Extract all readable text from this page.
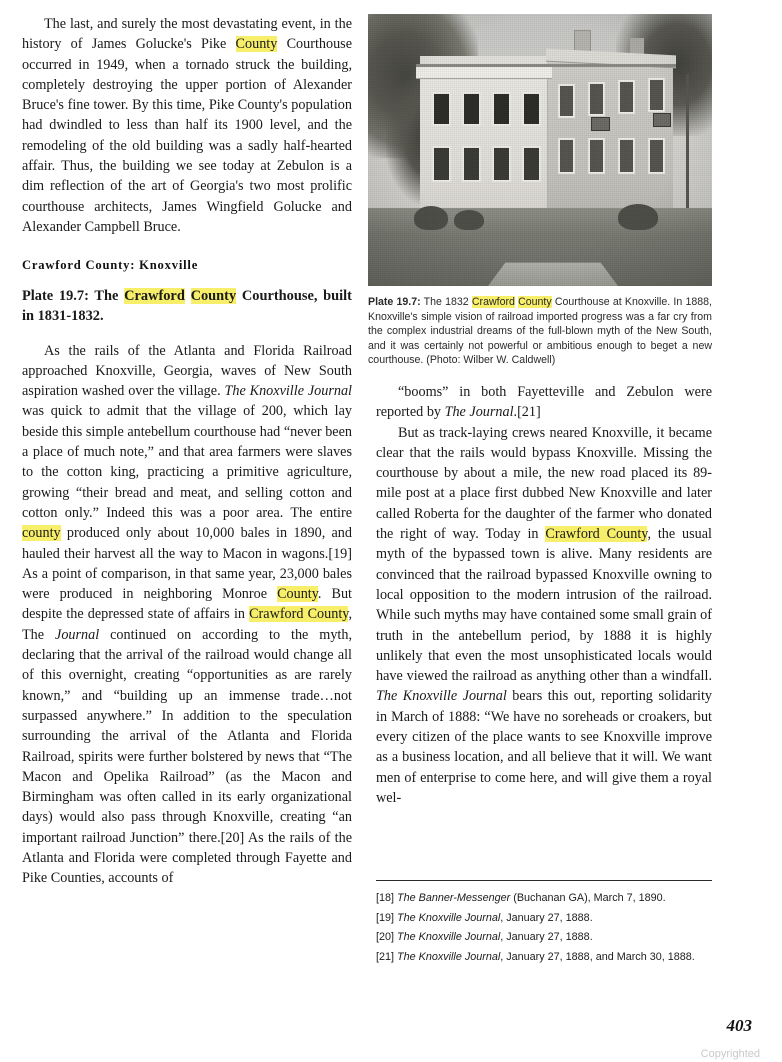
The last, and surely the most devastating event, in the history of James Golucke's Pike County Courthouse occurred in 1949, when a tornado struck the building, completely destroying the upper portion of Alexander Bruce's fine tower. By this time, Pike County's population had dwindled to less than half its 1900 level, and the remodeling of the old building was a sadly half-hearted affair. Thus, the building we see today at Zebulon is a dim reflection of the art of Georgia's two most prolific courthouse architects, James Wingfield Golucke and Alexander Campbell Bruce.

Crawford County: Knoxville

Plate 19.7: The Crawford County Courthouse, built in 1831-1832.

As the rails of the Atlanta and Florida Railroad approached Knoxville, Georgia, waves of New South aspiration washed over the village. The Knoxville Journal was quick to admit that the village of 200, which lay beside this simple antebellum courthouse had “never been a place of much note,” and that area farmers were slaves to the cotton king, practicing a primitive agriculture, growing “their bread and meat, and selling cotton and cotton only.” Indeed this was a poor area. The entire county produced only about 10,000 bales in 1890, and hauled their harvest all the way to Macon in wagons.[19] As a point of comparison, in that same year, 23,000 bales were produced in neighboring Monroe County. But despite the depressed state of affairs in Crawford County, The Journal continued on according to the myth, declaring that the arrival of the railroad would change all of this overnight, creating “opportunities as are rarely known,” and “building up an immense trade…not surpassed anywhere.” In addition to the speculation surrounding the arrival of the Atlanta and Florida Railroad, spirits were further bolstered by news that “The Macon and Opelika Railroad” (as the Macon and Birmingham was often called in its early organizational days) would also pass through Knoxville, creating “an important railroad Junction” there.[20] As the rails of the Atlanta and Florida were completed through Fayette and Pike Counties, accounts of

Plate 19.7: The 1832 Crawford County Courthouse at Knoxville. In 1888, Knoxville's simple vision of railroad imported progress was a far cry from the complex industrial dreams of the full-blown myth of the New South, and it was certainly not powerful or ambitious enough to beget a new courthouse. (Photo: Wilber W. Caldwell)

“booms” in both Fayetteville and Zebulon were reported by The Journal.[21]

But as track-laying crews neared Knoxville, it became clear that the rails would bypass Knoxville. Missing the courthouse by about a mile, the new road placed its 89-mile post at a place first dubbed New Knoxville and later called Roberta for the daughter of the farmer who donated the right of way. Today in Crawford County, the usual myth of the bypassed town is alive. Many residents are convinced that the railroad bypassed Knoxville owning to local opposition to the modern intrusion of the railroad. While such myths may have contained some small grain of truth in the antebellum period, by 1888 it is highly unlikely that even the most unsophisticated locals would have viewed the railroad as anything other than a windfall. The Knoxville Journal bears this out, reporting solidarity in March of 1888: “We have no soreheads or croakers, but every citizen of the place wants to see Knoxville improve as a business location, and all believe that it will. We want men of enterprise to come here, and will give them a royal wel-

[18] The Banner-Messenger (Buchanan GA), March 7, 1890.

[19] The Knoxville Journal, January 27, 1888.

[20] The Knoxville Journal, January 27, 1888.

[21] The Knoxville Journal, January 27, 1888, and March 30, 1888.

403
Copyrighted
